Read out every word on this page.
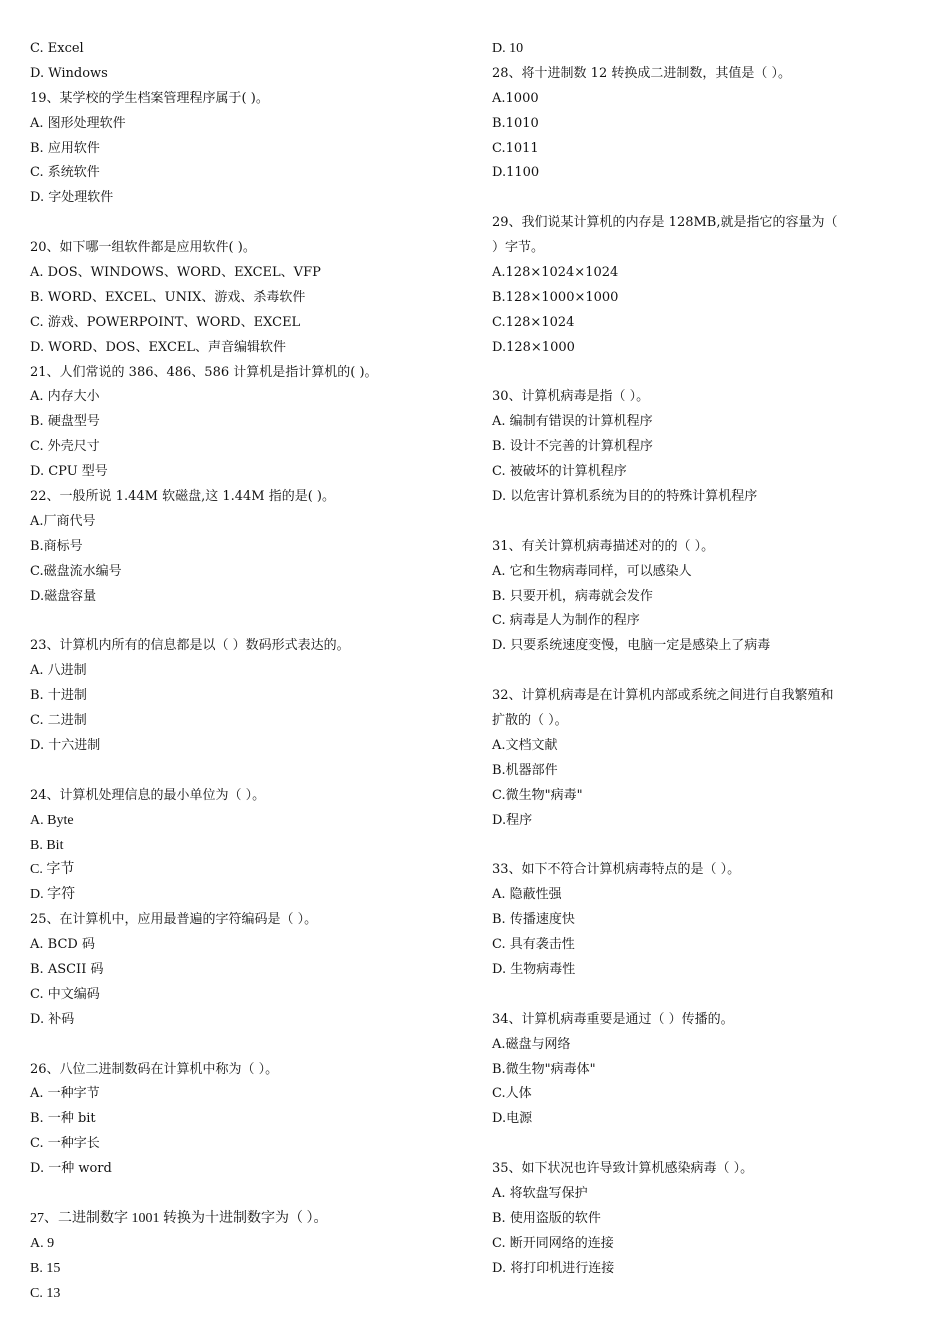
C. Excel
D. Windows
19、某学校的学生档案管理程序属于( )。
A. 图形处理软件
B. 应用软件
C. 系统软件
D. 字处理软件
20、如下哪一组软件都是应用软件( )。
A. DOS、WINDOWS、WORD、EXCEL、VFP
B. WORD、EXCEL、UNIX、游戏、杀毒软件
C. 游戏、POWERPOINT、WORD、EXCEL
D. WORD、DOS、EXCEL、声音编辑软件
21、人们常说的 386、486、586 计算机是指计算机的( )。
A. 内存大小
B. 硬盘型号
C. 外壳尺寸
D. CPU 型号
22、一般所说 1.44M 软磁盘,这 1.44M 指的是( )。
A.厂商代号
B.商标号
C.磁盘流水编号
D.磁盘容量
23、计算机内所有的信息都是以（ ）数码形式表达的。
A. 八进制
B. 十进制
C. 二进制
D. 十六进制
24、计算机处理信息的最小单位为（ ）。
A. Byte
B. Bit
C. 字节
D. 字符
25、在计算机中，应用最普遍的字符编码是（ ）。
A. BCD 码
B. ASCII 码
C. 中文编码
D. 补码
26、八位二进制数码在计算机中称为（ ）。
A. 一种字节
B. 一种 bit
C. 一种字长
D. 一种 word
27、二进制数字 1001 转换为十进制数字为（ ）。
A. 9
B. 15
C. 13
D. 10
28、将十进制数 12 转换成二进制数，其值是（ ）。
A.1000
B.1010
C.1011
D.1100
29、我们说某计算机的内存是 128MB,就是指它的容量为（
）字节。
A.128×1024×1024
B.128×1000×1000
C.128×1024
D.128×1000
30、计算机病毒是指（ ）。
A. 编制有错误的计算机程序
B. 设计不完善的计算机程序
C. 被破坏的计算机程序
D. 以危害计算机系统为目的的特殊计算机程序
31、有关计算机病毒描述对的的（ ）。
A. 它和生物病毒同样，可以感染人
B. 只要开机，病毒就会发作
C. 病毒是人为制作的程序
D. 只要系统速度变慢，电脑一定是感染上了病毒
32、计算机病毒是在计算机内部或系统之间进行自我繁殖和
扩散的（ ）。
A.文档文献
B.机器部件
C.微生物"病毒"
D.程序
33、如下不符合计算机病毒特点的是（ ）。
A. 隐蔽性强
B. 传播速度快
C. 具有袭击性
D. 生物病毒性
34、计算机病毒重要是通过（ ）传播的。
A.磁盘与网络
B.微生物"病毒体"
C.人体
D.电源
35、如下状况也许导致计算机感染病毒（ ）。
A. 将软盘写保护
B. 使用盗版的软件
C. 断开同网络的连接
D. 将打印机进行连接
